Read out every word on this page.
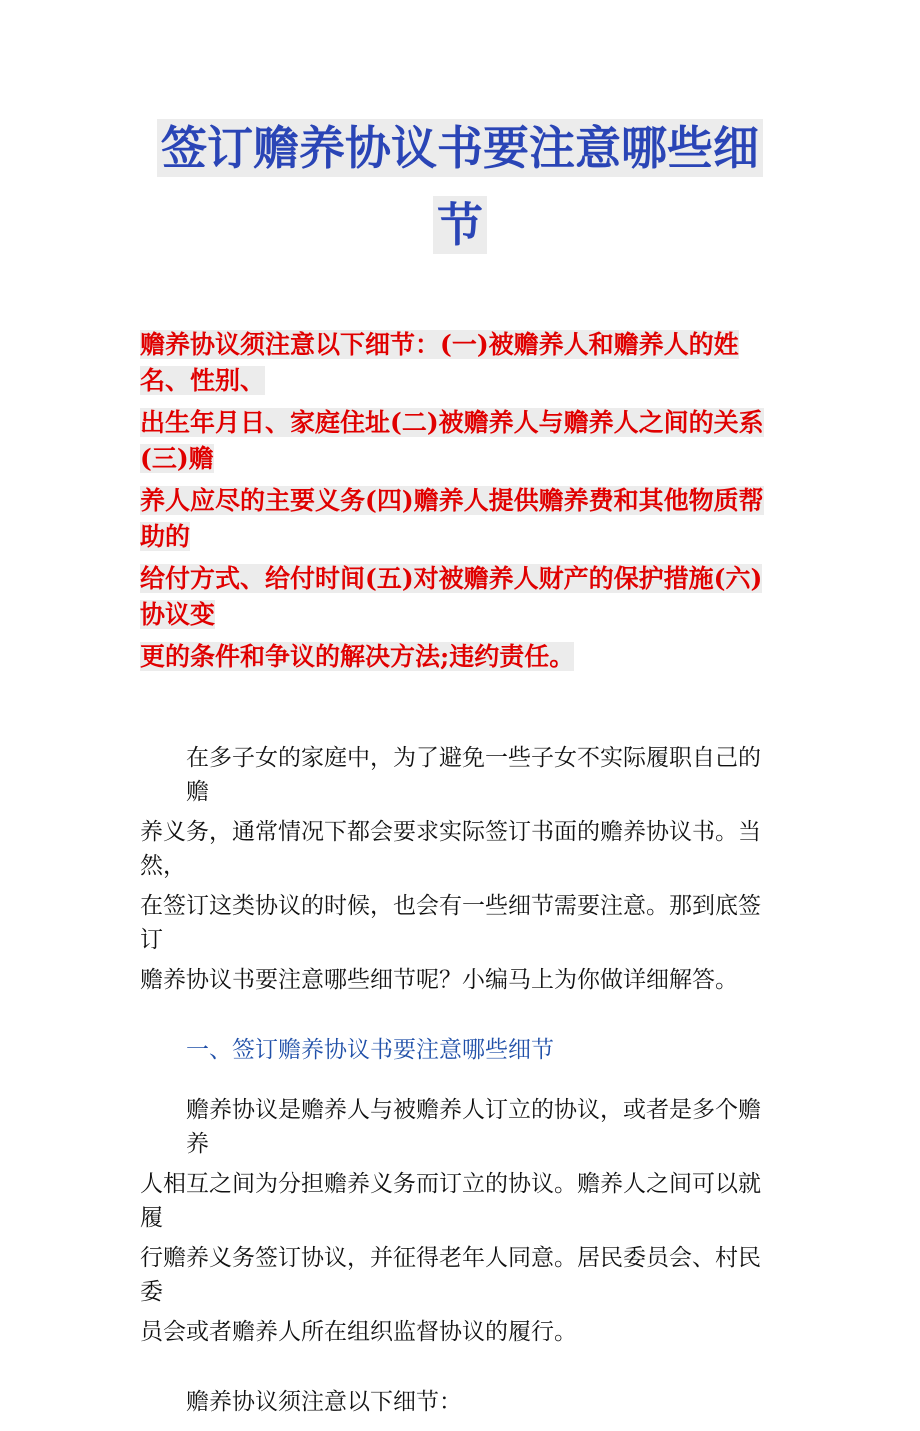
签订赡养协议书要注意哪些细
节
赡养协议须注意以下细节：(一)被赡养人和赡养人的姓名、性别、
出生年月日、家庭住址(二)被赡养人与赡养人之间的关系(三)赡
养人应尽的主要义务(四)赡养人提供赡养费和其他物质帮助的
给付方式、给付时间(五)对被赡养人财产的保护措施(六)协议变
更的条件和争议的解决方法;违约责任。
在多子女的家庭中，为了避免一些子女不实际履职自己的赡
养义务，通常情况下都会要求实际签订书面的赡养协议书。当然，
在签订这类协议的时候，也会有一些细节需要注意。那到底签订
赡养协议书要注意哪些细节呢？小编马上为你做详细解答。
一、签订赡养协议书要注意哪些细节
赡养协议是赡养人与被赡养人订立的协议，或者是多个赡养
人相互之间为分担赡养义务而订立的协议。赡养人之间可以就履
行赡养义务签订协议，并征得老年人同意。居民委员会、村民委
员会或者赡养人所在组织监督协议的履行。
赡养协议须注意以下细节：
